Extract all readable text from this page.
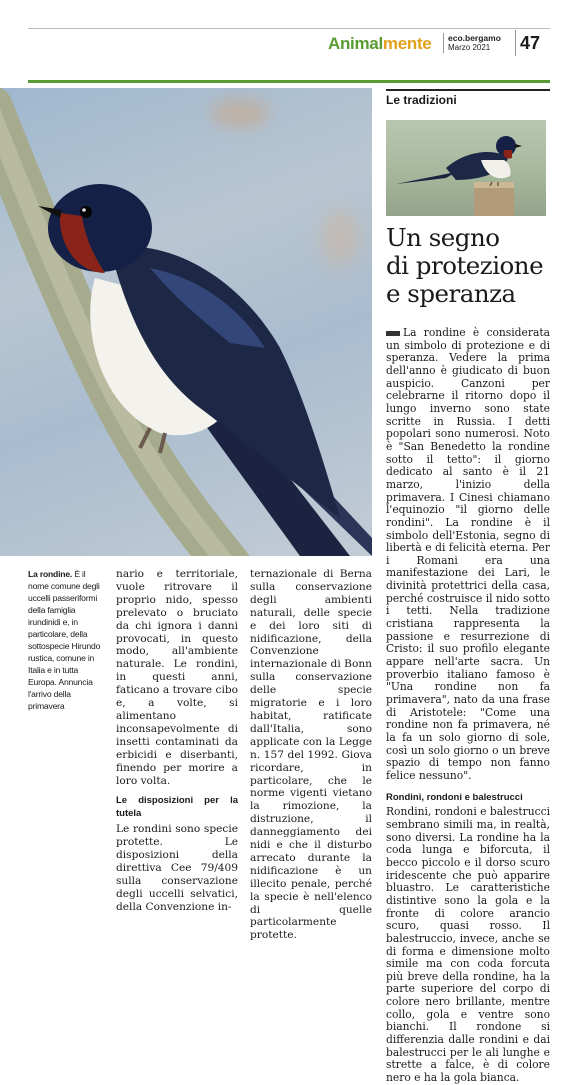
Animalmente eco.bergamo
Marzo 2021	47
La rondine. È il nome comune degli uccelli passeriformi della famiglia irundinidi e, in particolare, della sottospecie Hirundo rustica, comune in Italia e in tutta Europa. Annuncia l'arrivo della primavera

nario e territoriale, vuole ritrovare il proprio nido, spesso prelevato o bruciato da chi ignora i danni provocati, in questo modo, all'ambiente naturale. Le rondini, in questi anni, faticano a trovare cibo e, a volte, si alimentano inconsapevolmente di insetti contaminati da erbicidi e diserbanti, finendo per morire a loro volta.

Le disposizioni per la tutela

Le rondini sono specie protette. Le disposizioni della direttiva Cee 79/409 sulla conservazione degli uccelli selvatici, della Convenzione in-

ternazionale di Berna sulla conservazione degli ambienti naturali, delle specie e dei loro siti di nidificazione, della Convenzione internazionale di Bonn sulla conservazione delle specie migratorie e i loro habitat, ratificate dall'Italia, sono applicate con la Legge n. 157 del 1992. Giova ricordare, in particolare, che le norme vigenti vietano la rimozione, la distruzione, il danneggiamento dei nidi e che il disturbo arrecato durante la nidificazione è un illecito penale, perché la specie è nell'elenco di quelle particolarmente protette.

Le tradizioni
Un segno
di protezione
e speranza

La rondine è considerata un simbolo di protezione e di speranza. Vedere la prima dell'anno è giudicato di buon auspicio. Canzoni per celebrarne il ritorno dopo il lungo inverno sono state scritte in Russia. I detti popolari sono numerosi. Noto è "San Benedetto la rondine sotto il tetto": il giorno dedicato al santo è il 21 marzo, l'inizio della primavera. I Cinesi chiamano l'equinozio "il giorno delle rondini". La rondine è il simbolo dell'Estonia, segno di libertà e di felicità eterna. Per i Romani era una manifestazione dei Lari, le divinità protettrici della casa, perché costruisce il nido sotto i tetti. Nella tradizione cristiana rappresenta la passione e resurrezione di Cristo: il suo profilo elegante appare nell'arte sacra. Un proverbio italiano famoso è "Una rondine non fa primavera", nato da una frase di Aristotele: "Come una rondine non fa primavera, né la fa un solo giorno di sole, così un solo giorno o un breve spazio di tempo non fanno felice nessuno".

Rondini, rondoni e balestrucci

Rondini, rondoni e balestrucci sembrano simili ma, in realtà, sono diversi. La rondine ha la coda lunga e biforcuta, il becco piccolo e il dorso scuro iridescente che può apparire bluastro. Le caratteristiche distintive sono la gola e la fronte di colore arancio scuro, quasi rosso. Il balestruccio, invece, anche se di forma e dimensione molto simile ma con coda forcuta più breve della rondine, ha la parte superiore del corpo di colore nero brillante, mentre collo, gola e ventre sono bianchi. Il rondone si differenzia dalle rondini e dai balestrucci per le ali lunghe e strette a falce, è di colore nero e ha la gola bianca.
